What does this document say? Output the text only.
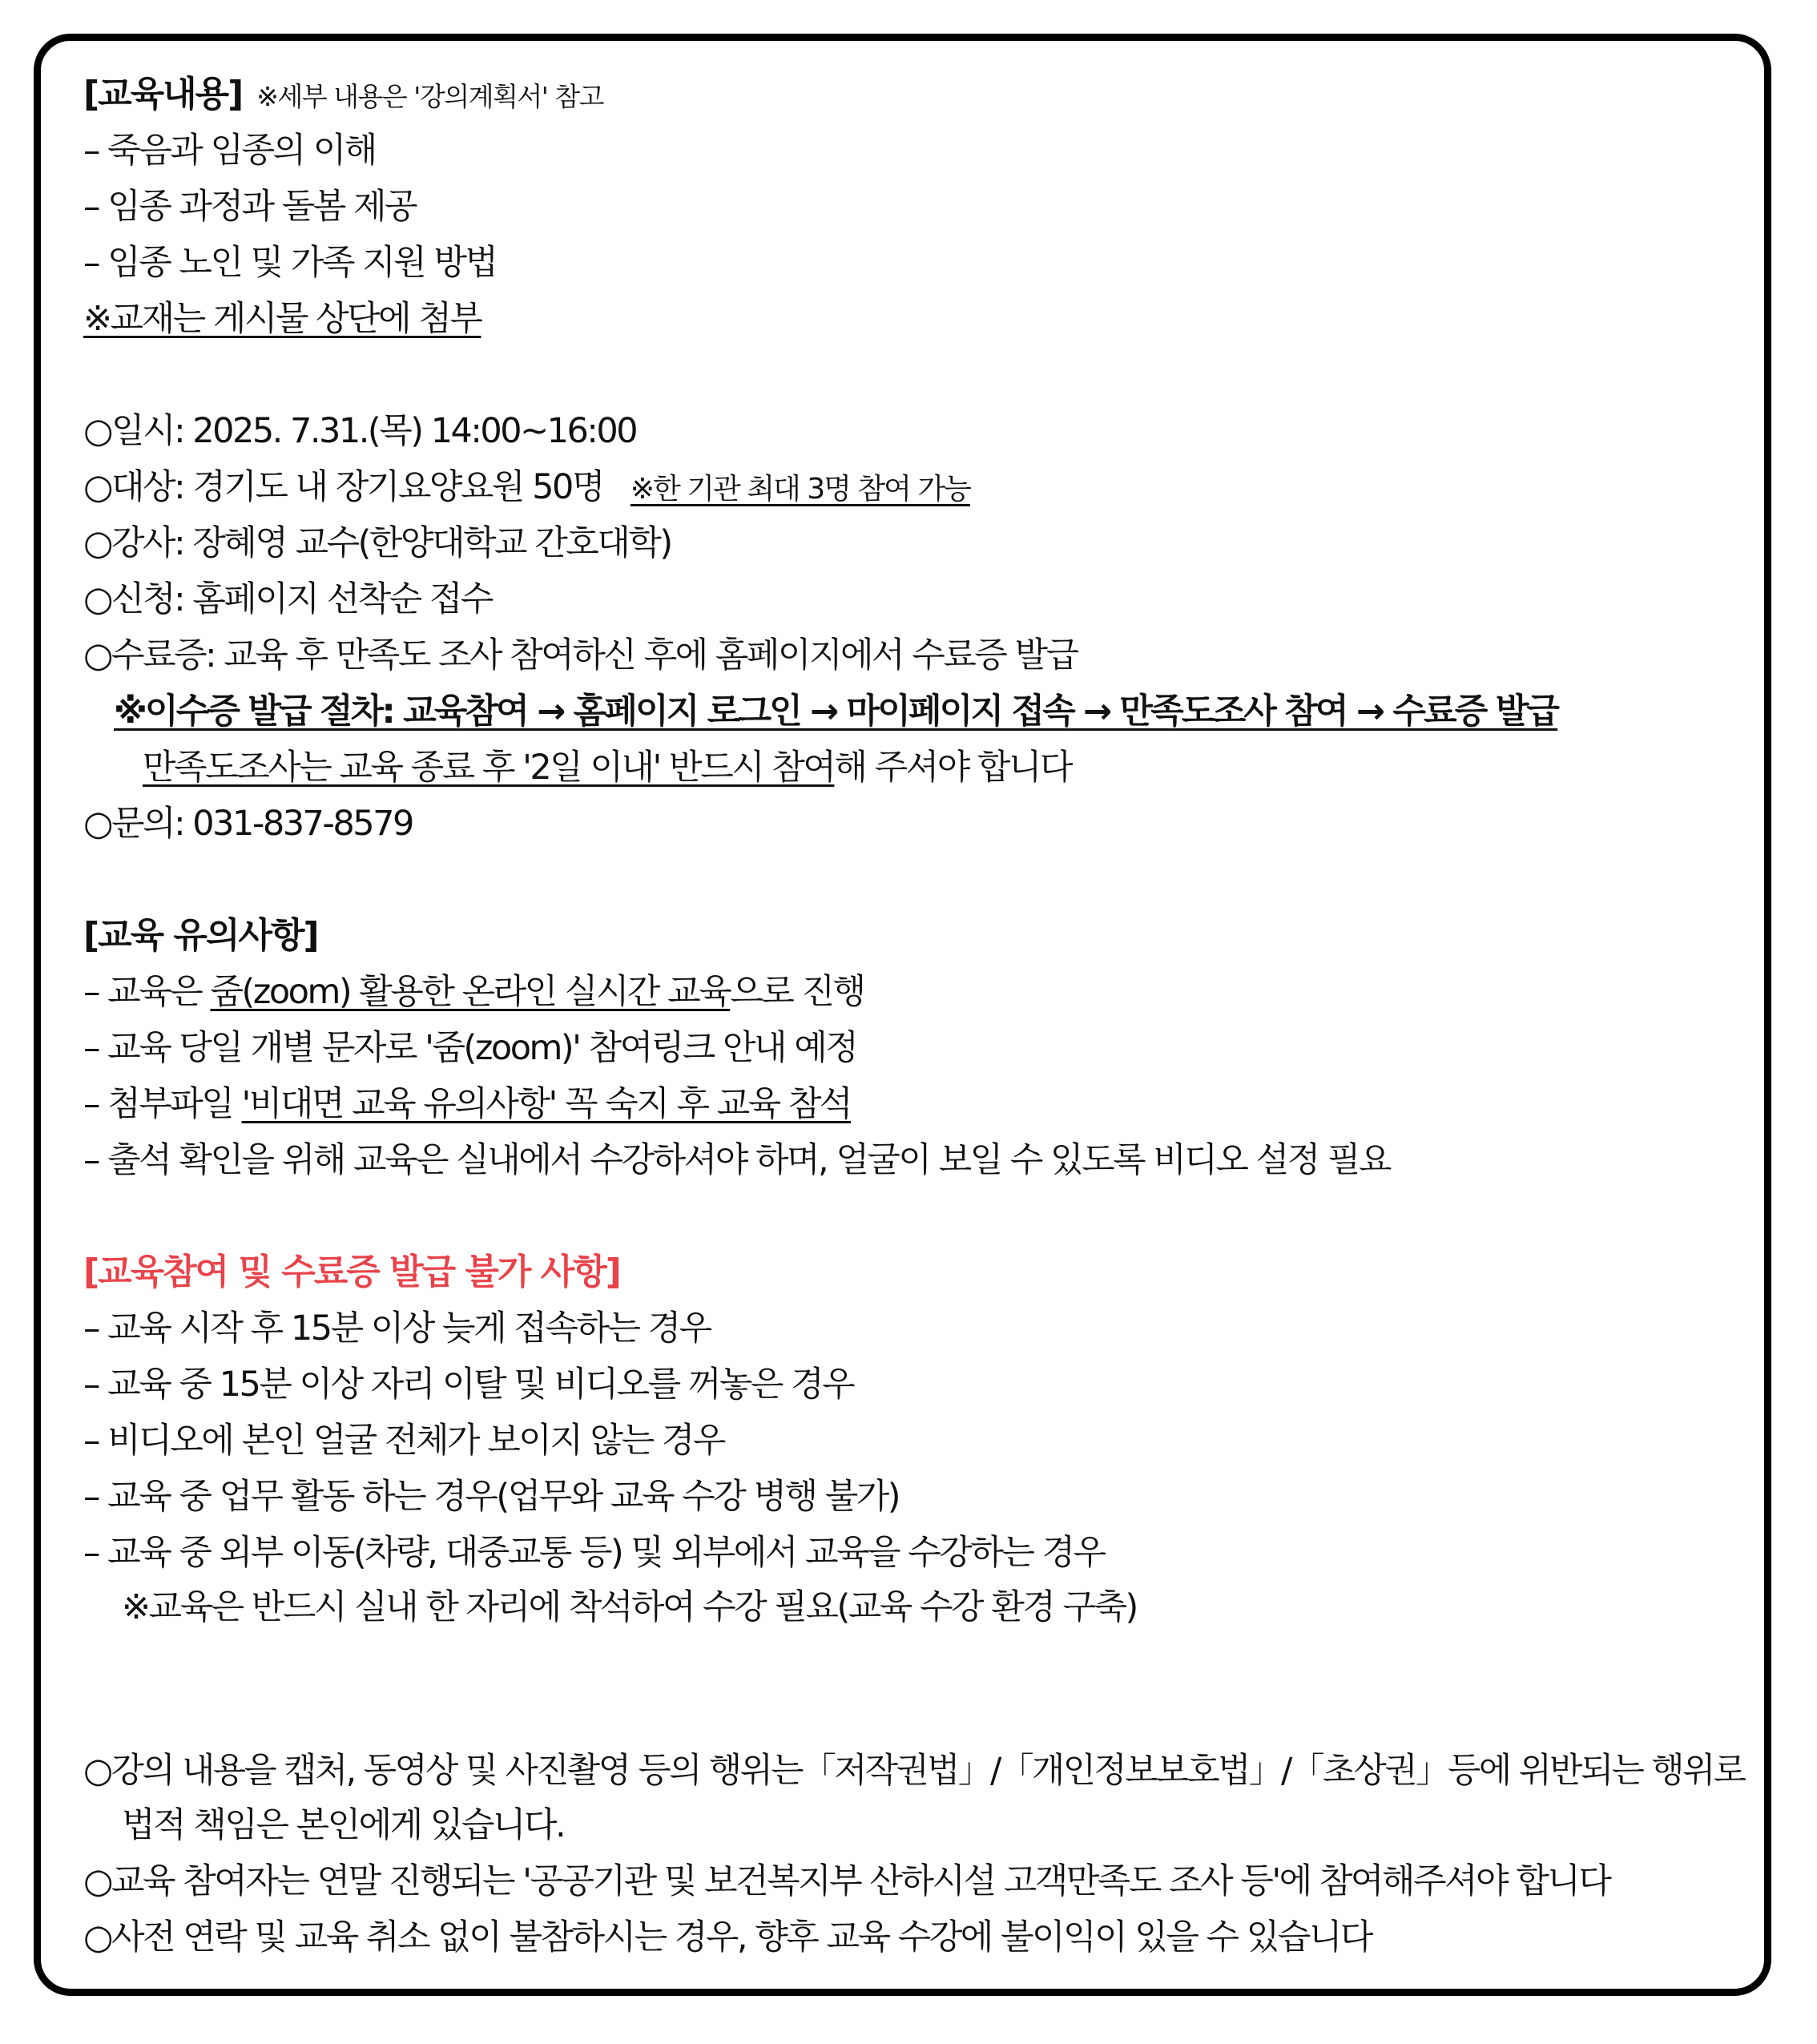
[교육내용] ※세부 내용은 '강의계획서' 참고
– 죽음과 임종의 이해
– 임종 과정과 돌봄 제공
– 임종 노인 및 가족 지원 방법
※교재는 게시물 상단에 첨부
○일시: 2025. 7.31.(목) 14:00~16:00
○대상: 경기도 내 장기요양요원 50명 ※한 기관 최대 3명 참여 가능
○강사: 장혜영 교수(한양대학교 간호대학)
○신청: 홈페이지 선착순 접수
○수료증: 교육 후 만족도 조사 참여하신 후에 홈페이지에서 수료증 발급
※이수증 발급 절차: 교육참여 → 홈페이지 로그인 → 마이페이지 접속 → 만족도조사 참여 → 수료증 발급
만족도조사는 교육 종료 후 '2일 이내' 반드시 참여해 주셔야 합니다
○문의: 031-837-8579
[교육 유의사항]
– 교육은 줌(zoom) 활용한 온라인 실시간 교육으로 진행
– 교육 당일 개별 문자로 '줌(zoom)' 참여링크 안내 예정
– 첨부파일 '비대면 교육 유의사항' 꼭 숙지 후 교육 참석
– 출석 확인을 위해 교육은 실내에서 수강하셔야 하며, 얼굴이 보일 수 있도록 비디오 설정 필요
[교육참여 및 수료증 발급 불가 사항]
– 교육 시작 후 15분 이상 늦게 접속하는 경우
– 교육 중 15분 이상 자리 이탈 및 비디오를 꺼놓은 경우
– 비디오에 본인 얼굴 전체가 보이지 않는 경우
– 교육 중 업무 활동 하는 경우(업무와 교육 수강 병행 불가)
– 교육 중 외부 이동(차량, 대중교통 등) 및 외부에서 교육을 수강하는 경우
※교육은 반드시 실내 한 자리에 착석하여 수강 필요(교육 수강 환경 구축)
○강의 내용을 캡처, 동영상 및 사진촬영 등의 행위는「저작권법」/「개인정보보호법」/「초상권」등에 위반되는 행위로
법적 책임은 본인에게 있습니다.
○교육 참여자는 연말 진행되는 '공공기관 및 보건복지부 산하시설 고객만족도 조사 등'에 참여해주셔야 합니다
○사전 연락 및 교육 취소 없이 불참하시는 경우, 향후 교육 수강에 불이익이 있을 수 있습니다
